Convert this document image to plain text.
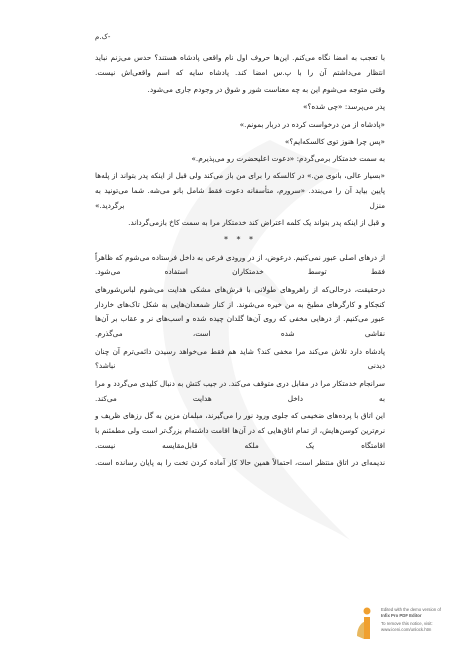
-ک.م

با تعجب به امضا نگاه می‌کنم. این‌ها حروف اول نام واقعی پادشاه هستند؟ حدس می‌زنم نباید انتظار می‌داشتم آن را با پ.س امضا کند. پادشاه سایه که اسم واقعی‌اش نیست.

وقتی متوجه می‌شوم این به چه معناست شور و شوق در وجودم جاری می‌شود.

پدر می‌پرسد: «چی شده؟»

«پادشاه از من درخواست کرده در دربار بمونم.»

«پس چرا هنوز توی کالسکه‌ایم؟»

به سمت خدمتکار برمی‌گردم: «دعوت اعلیحضرت رو می‌پذیرم.»

«بسیار عالی، بانوی من.» در کالسکه را برای من باز می‌کند ولی قبل از اینکه پدر بتواند از پله‌ها پایین بیاید آن را می‌بندد. «سرورم، متأسفانه دعوت فقط شامل بانو می‌شه. شما می‌تونید به منزل برگردید.»

و قبل از اینکه پدر بتواند یک کلمه اعتراض کند خدمتکار مرا به سمت کاخ بازمی‌گرداند.

* * *

از درهای اصلی عبور نمی‌کنیم. درعوض، از در ورودی فرعی به داخل فرستاده می‌شوم که ظاهراً فقط توسط خدمتکاران استفاده می‌شود.

درحقیقت، درحالی‌که از راهروهای طولانی با فرش‌های مشکی هدایت می‌شوم لباس‌شورهای کنجکاو و کارگرهای مطبخ به من خیره می‌شوند. از کنار شمعدان‌هایی به شکل تاک‌های خاردار عبور می‌کنیم. از درهایی مخفی که روی آن‌ها گلدان چیده شده و اسب‌های نر و عقاب بر آن‌ها نقاشی شده است، می‌گذرم.

پادشاه دارد تلاش می‌کند مرا مخفی کند؟ شاید هم فقط می‌خواهد رسیدن دائمی‌ترم آن چنان دیدنی نباشد؟

سرانجام خدمتکار مرا در مقابل دری متوقف می‌کند. در جیب کتش به دنبال کلیدی می‌گردد و مرا به داخل هدایت می‌کند.

این اتاق با پرده‌های ضخیمی که جلوی ورود نور را می‌گیرند، مبلمان مزین به گل رزهای ظریف و نرم‌ترین کوسن‌هایش، از تمام اتاق‌هایی که در آن‌ها اقامت داشته‌ام بزرگ‌تر است ولی مطمئنم با اقامتگاه یک ملکه قابل‌مقایسه نیست.

ندیمه‌ای در اتاق منتظر است، احتمالاً همین حالا کار آماده کردن تخت را به پایان رسانده است.

Edited with the demo version of
Infix Pro PDF Editor
To remove this notice, visit:
www.iceni.com/unlock.htm
